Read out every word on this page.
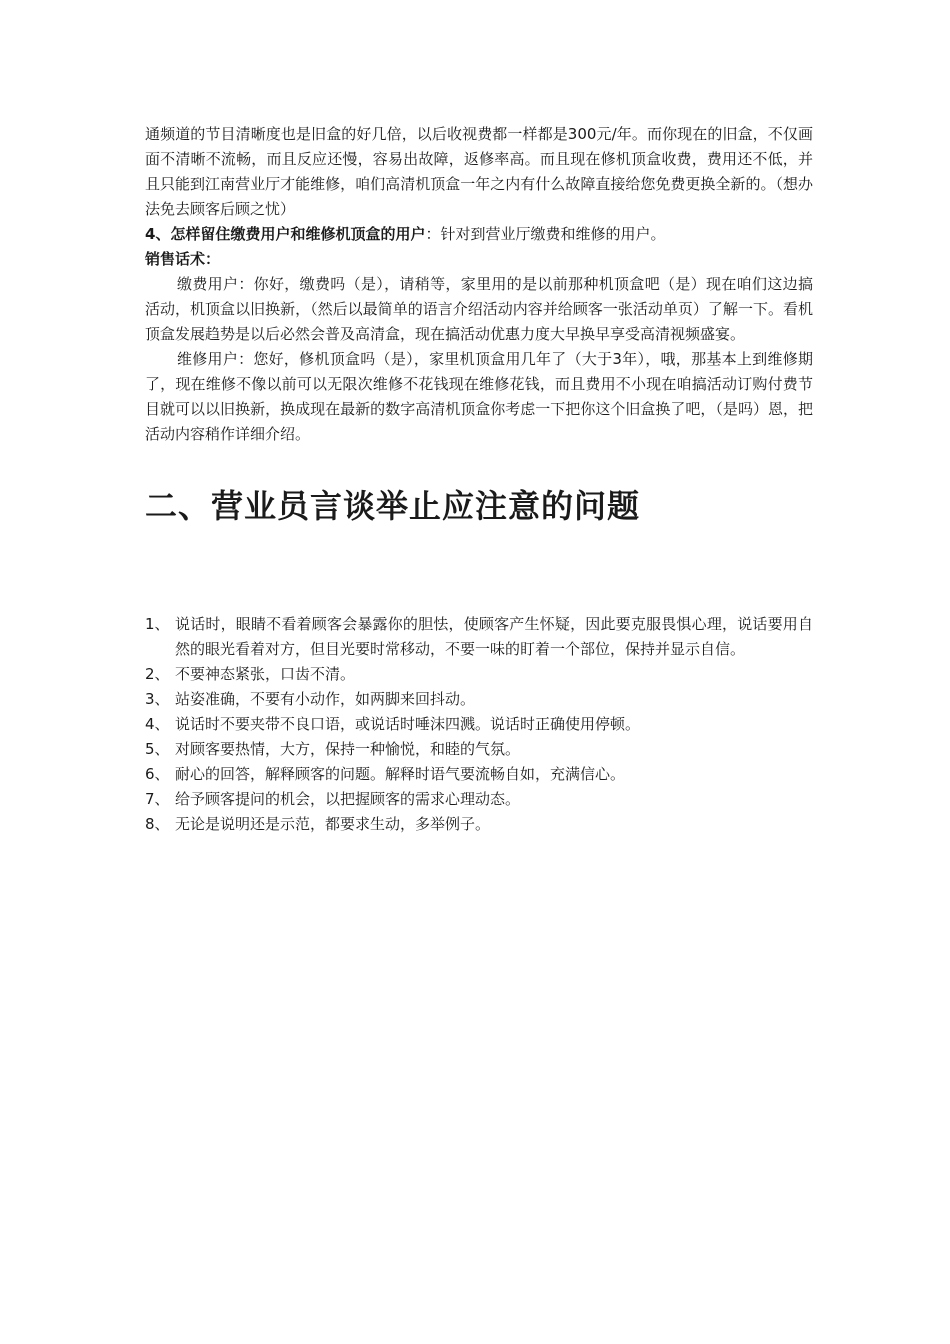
通频道的节目清晰度也是旧盒的好几倍，以后收视费都一样都是300元/年。而你现在的旧盒，不仅画面不清晰不流畅，而且反应还慢，容易出故障，返修率高。而且现在修机顶盒收费，费用还不低，并且只能到江南营业厅才能维修，咱们高清机顶盒一年之内有什么故障直接给您免费更换全新的。（想办法免去顾客后顾之忧）

4、怎样留住缴费用户和维修机顶盒的用户：针对到营业厅缴费和维修的用户。

销售话术：

缴费用户：你好，缴费吗（是），请稍等，家里用的是以前那种机顶盒吧（是）现在咱们这边搞活动，机顶盒以旧换新，（然后以最简单的语言介绍活动内容并给顾客一张活动单页）了解一下。看机顶盒发展趋势是以后必然会普及高清盒，现在搞活动优惠力度大早换早享受高清视频盛宴。

维修用户：您好，修机顶盒吗（是），家里机顶盒用几年了（大于3年），哦，那基本上到维修期了，现在维修不像以前可以无限次维修不花钱现在维修花钱，而且费用不小现在咱搞活动订购付费节目就可以以旧换新，换成现在最新的数字高清机顶盒你考虑一下把你这个旧盒换了吧，（是吗）恩，把活动内容稍作详细介绍。

二、营业员言谈举止应注意的问题
1、 说话时，眼睛不看着顾客会暴露你的胆怯，使顾客产生怀疑，因此要克服畏惧心理，说话要用自然的眼光看着对方，但目光要时常移动，不要一味的盯着一个部位，保持并显示自信。
2、 不要神态紧张，口齿不清。
3、 站姿准确，不要有小动作，如两脚来回抖动。
4、 说话时不要夹带不良口语，或说话时唾沫四溅。说话时正确使用停顿。
5、 对顾客要热情，大方，保持一种愉悦，和睦的气氛。
6、 耐心的回答，解释顾客的问题。解释时语气要流畅自如，充满信心。
7、 给予顾客提问的机会，以把握顾客的需求心理动态。
8、 无论是说明还是示范，都要求生动，多举例子。
